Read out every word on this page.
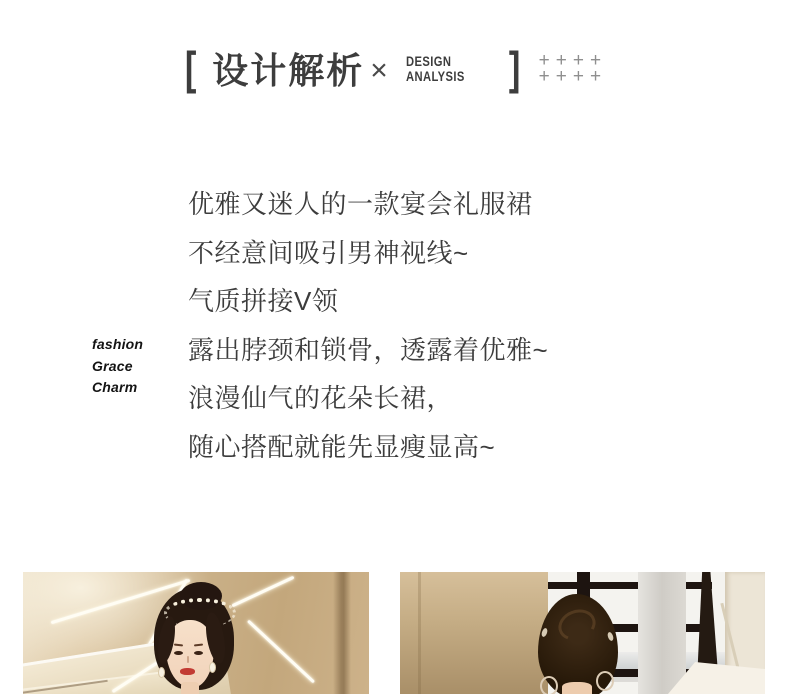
[ 设计解析 × DESIGN
ANALYSIS ] ++++
++++
fashion
Grace
Charm
优雅又迷人的一款宴会礼服裙
不经意间吸引男神视线~
气质拼接V领
露出脖颈和锁骨，透露着优雅~
浪漫仙气的花朵长裙，
随心搭配就能先显瘦显高~
